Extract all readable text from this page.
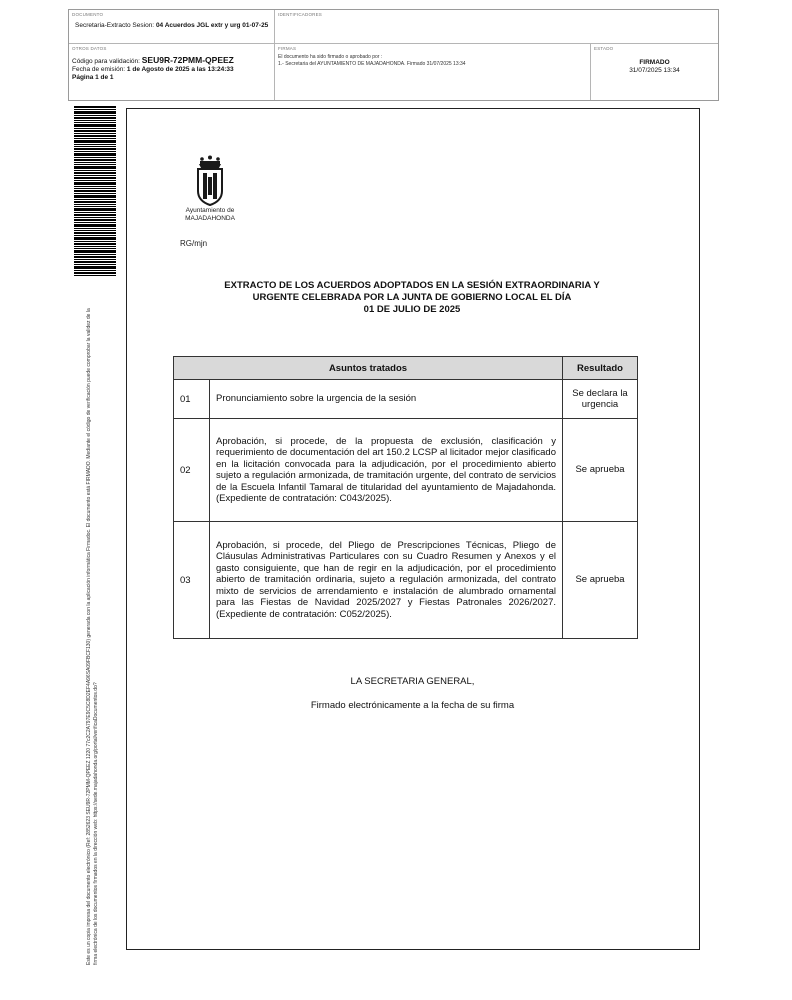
DOCUMENTO
Secretaria-Extracto Sesion: 04 Acuerdos JGL extr y urg 01-07-25
IDENTIFICADORES
OTROS DATOS
Código para validación: SEU9R-72PMM-QPEEZ
Fecha de emisión: 1 de Agosto de 2025 a las 13:24:33
Página 1 de 1
FIRMAS
El documento ha sido firmado o aprobado por :
1.- Secretaria del AYUNTAMIENTO DE MAJADAHONDA. Firmado 31/07/2025 13:34
ESTADO
FIRMADO
31/07/2025 13:34
Este es un copia impresa del documento electrónico (Ref: 2852623 SEU9R-72PMM-QPEEZ 1220 77c2C2A797E9C5C8D2EF4A96SA09FBCF130) generada con la aplicación informática Firmadoc. El documento está FIRMADO. Mediante el código de verificación puede comprobar la validez de la firma electrónica de los documentos firmados en la dirección web: https://sede.majadahonda.org/portal/verificaDocumentos.do?
Ayuntamiento de
MAJADAHONDA
RG/mjn
EXTRACTO DE LOS ACUERDOS ADOPTADOS EN LA SESIÓN EXTRAORDINARIA Y
URGENTE CELEBRADA POR LA JUNTA DE GOBIERNO LOCAL EL DÍA
01 DE JULIO DE 2025
Asuntos tratados		Resultado
01	Pronunciamiento sobre la urgencia de la sesión	Se declara la urgencia
02	Aprobación, si procede, de la propuesta de exclusión, clasificación y requerimiento de documentación del art 150.2 LCSP al licitador mejor clasificado en la licitación convocada para la adjudicación, por el procedimiento abierto sujeto a regulación armonizada, de tramitación urgente, del contrato de servicios de la Escuela Infantil Tamaral de titularidad del ayuntamiento de Majadahonda. (Expediente de contratación: C043/2025).	Se aprueba
03	Aprobación, si procede, del Pliego de Prescripciones Técnicas, Pliego de Cláusulas Administrativas Particulares con su Cuadro Resumen y Anexos y el gasto consiguiente, que han de regir en la adjudicación, por el procedimiento abierto de tramitación ordinaria, sujeto a regulación armonizada, del contrato mixto de servicios de arrendamiento e instalación de alumbrado ornamental para las Fiestas de Navidad 2025/2027 y Fiestas Patronales 2026/2027. (Expediente de contratación: C052/2025).	Se aprueba
LA SECRETARIA GENERAL,
Firmado electrónicamente a la fecha de su firma
